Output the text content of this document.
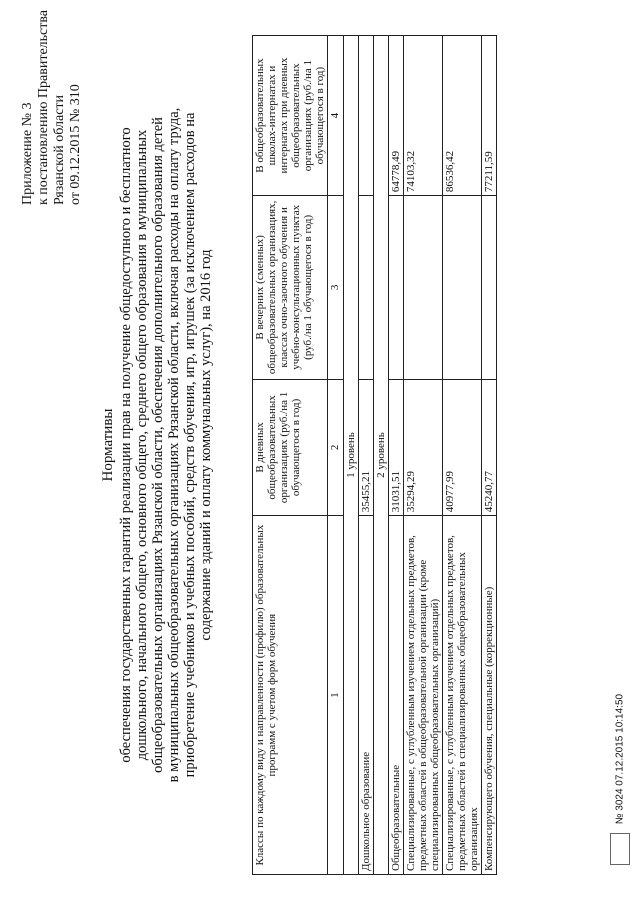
Приложение № 3 к постановлению Правительства Рязанской области от 09.12.2015 № 310
Нормативы обеспечения государственных гарантий реализации прав на получение общедоступного и бесплатного дошкольного, начального общего, основного общего, среднего общего образования в муниципальных общеобразовательных организациях Рязанской области, обеспечения дополнительного образования детей в муниципальных общеобразовательных организациях Рязанской области, включая расходы на оплату труда, приобретение учебников и учебных пособий, средств обучения, игр, игрушек (за исключением расходов на содержание зданий и оплату коммунальных услуг), на 2016 год
Классы по каждому виду и направленности (профилю) образовательных программ с учетом форм обучения	В дневных общеобразовательных организациях (руб./на 1 обучающегося в год)	В вечерних (сменных) общеобразовательных организациях, классах очно-заочного обучения и учебно-консультационных пунктах (руб./на 1 обучающегося в год)	В общеобразовательных школах-интернатах и интернатах при дневных общеобразовательных организациях (руб./на 1 обучающегося в год)
1	2	3	4
1 уровень			
Дошкольное образование	35455,21		
2 уровень			
Общеобразовательные	31031,51		64778,49
Специализированные, с углубленным изучением отдельных предметов, предметных областей в общеобразовательной организации (кроме специализированных общеобразовательных организаций)	35294,29		74103,32
Специализированные, с углубленным изучением отдельных предметов, предметных областей в специализированных общеобразовательных организациях	40977,99		86536,42
Компенсирующего обучения, специальные (коррекционные)	45240,77		77211,59
№ 3024 07.12.2015 10:14:50
